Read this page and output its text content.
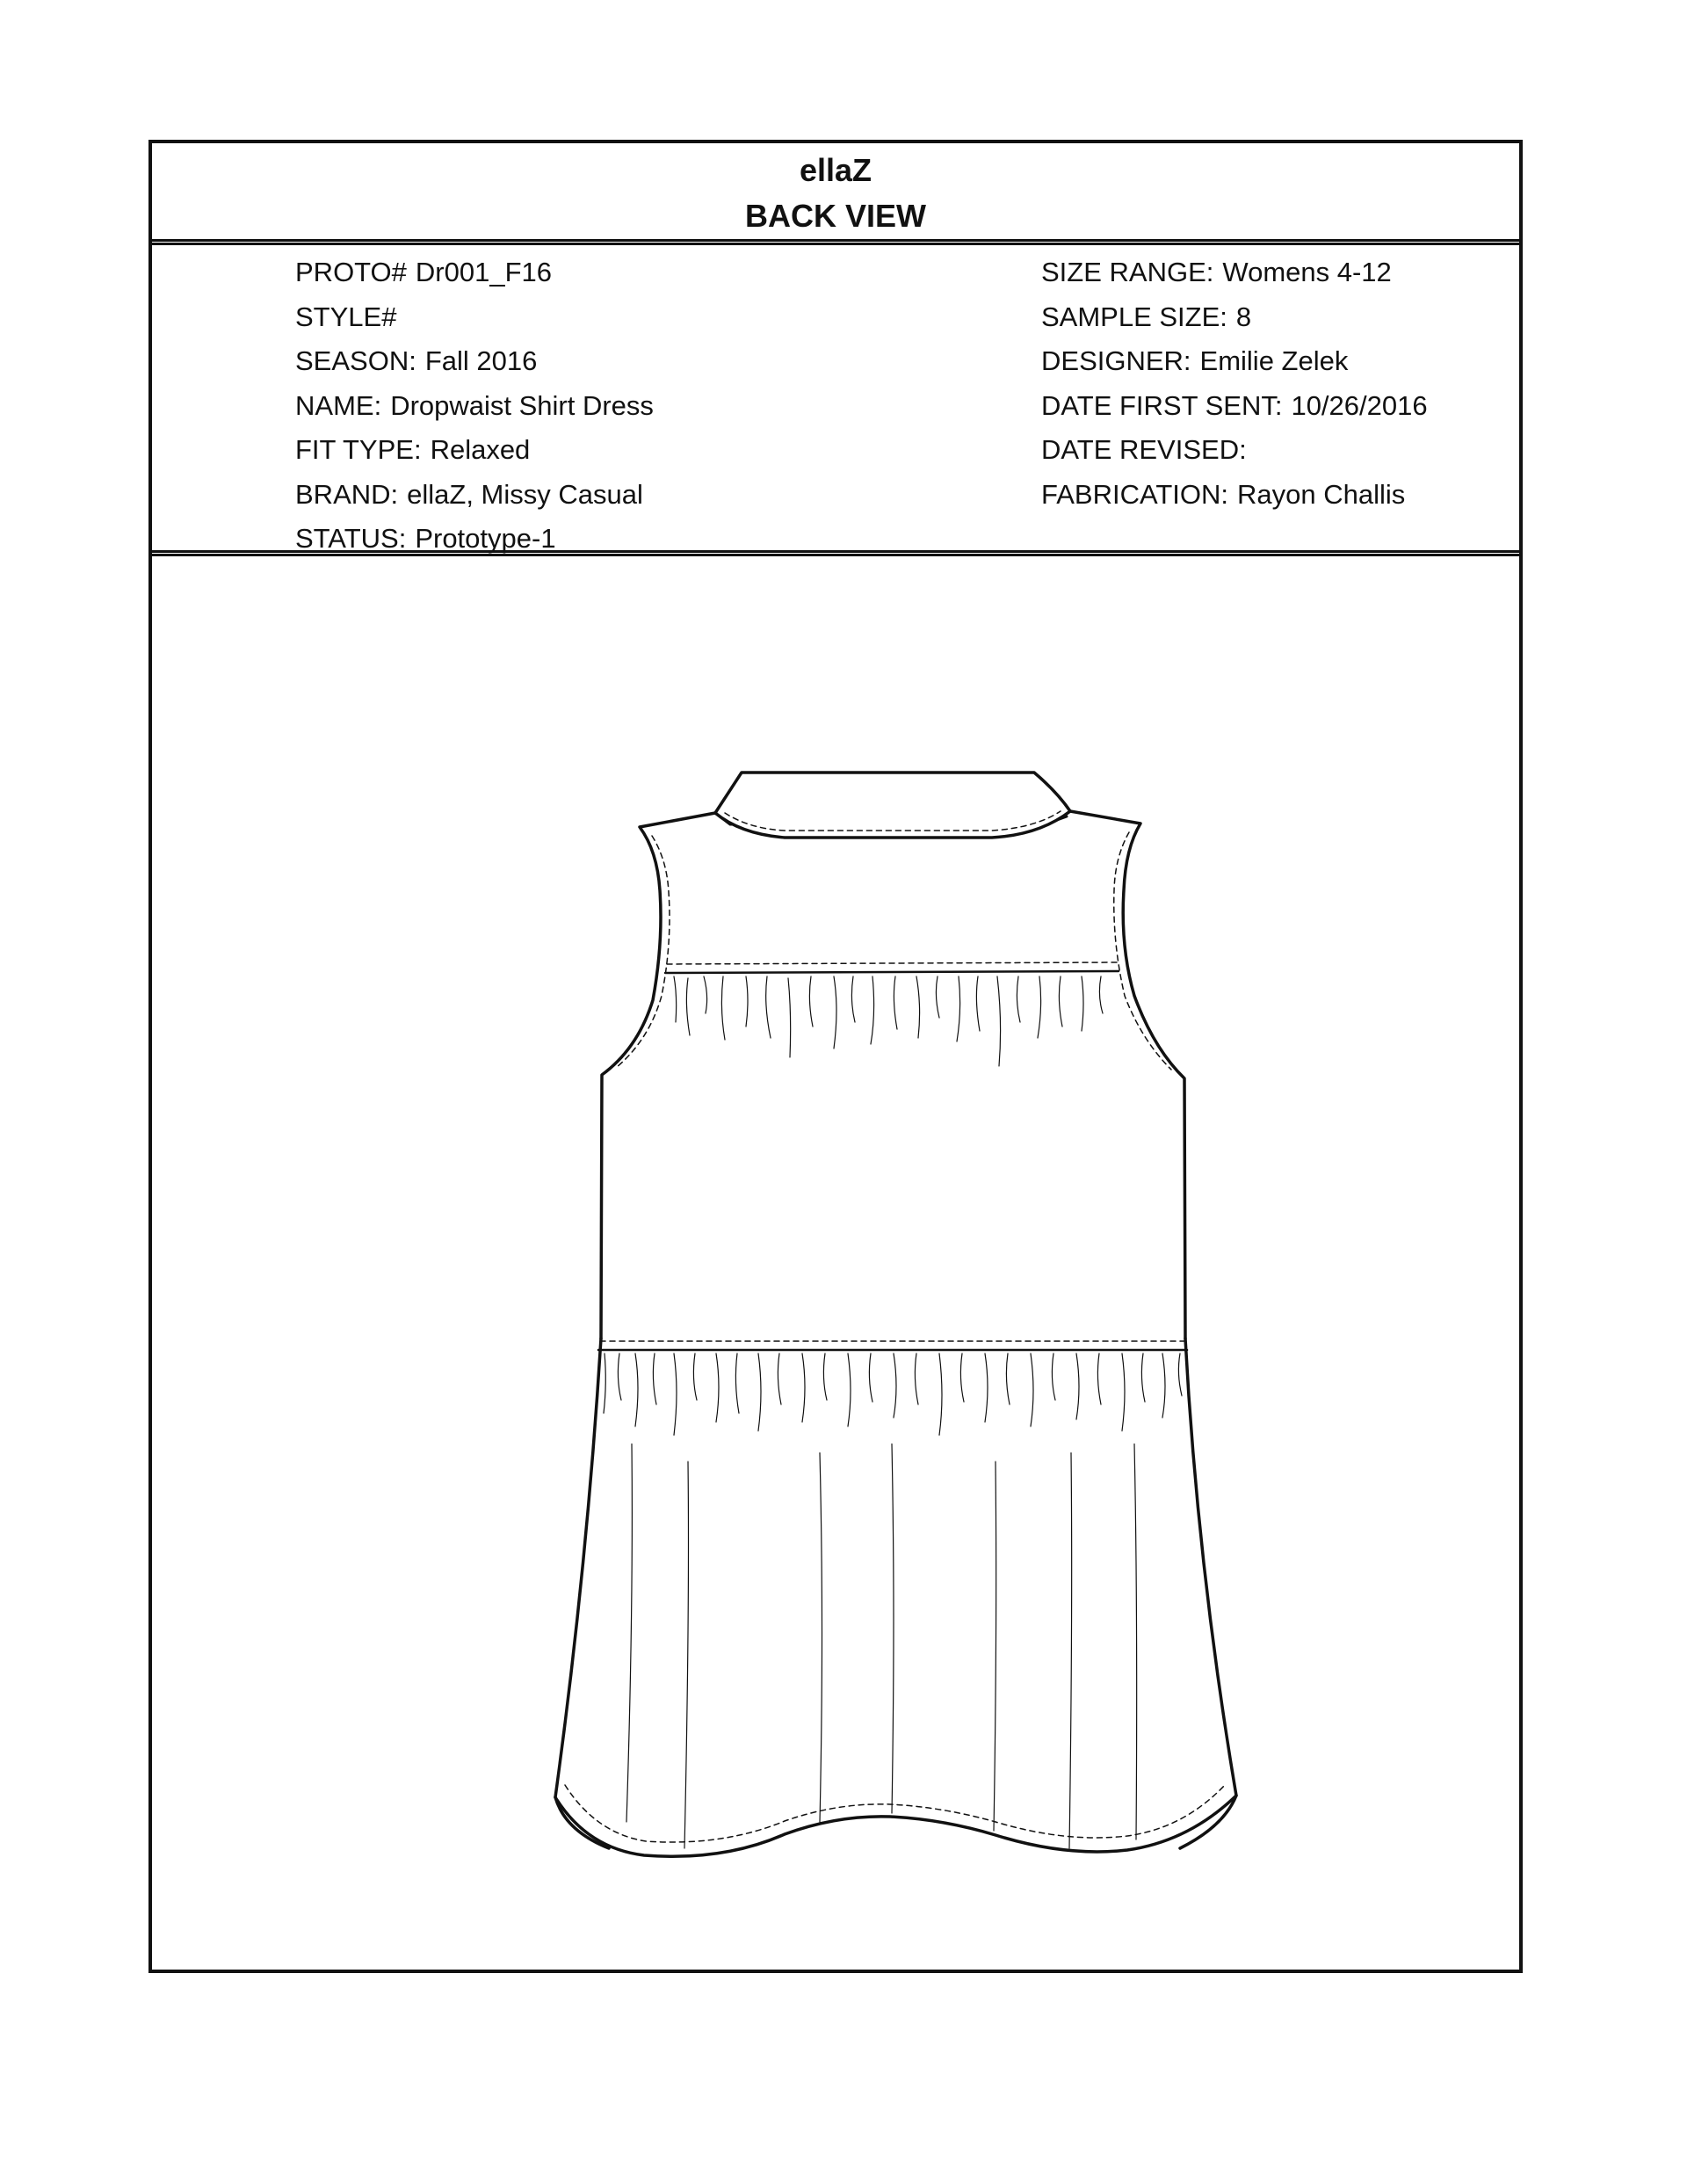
ellaZ
BACK VIEW
PROTO# Dr001_F16
STYLE#
SEASON: Fall 2016
NAME: Dropwaist Shirt Dress
FIT TYPE: Relaxed
BRAND: ellaZ, Missy Casual
STATUS: Prototype-1
SIZE RANGE: Womens 4-12
SAMPLE SIZE: 8
DESIGNER: Emilie Zelek
DATE FIRST SENT: 10/26/2016
DATE REVISED:
FABRICATION: Rayon Challis
